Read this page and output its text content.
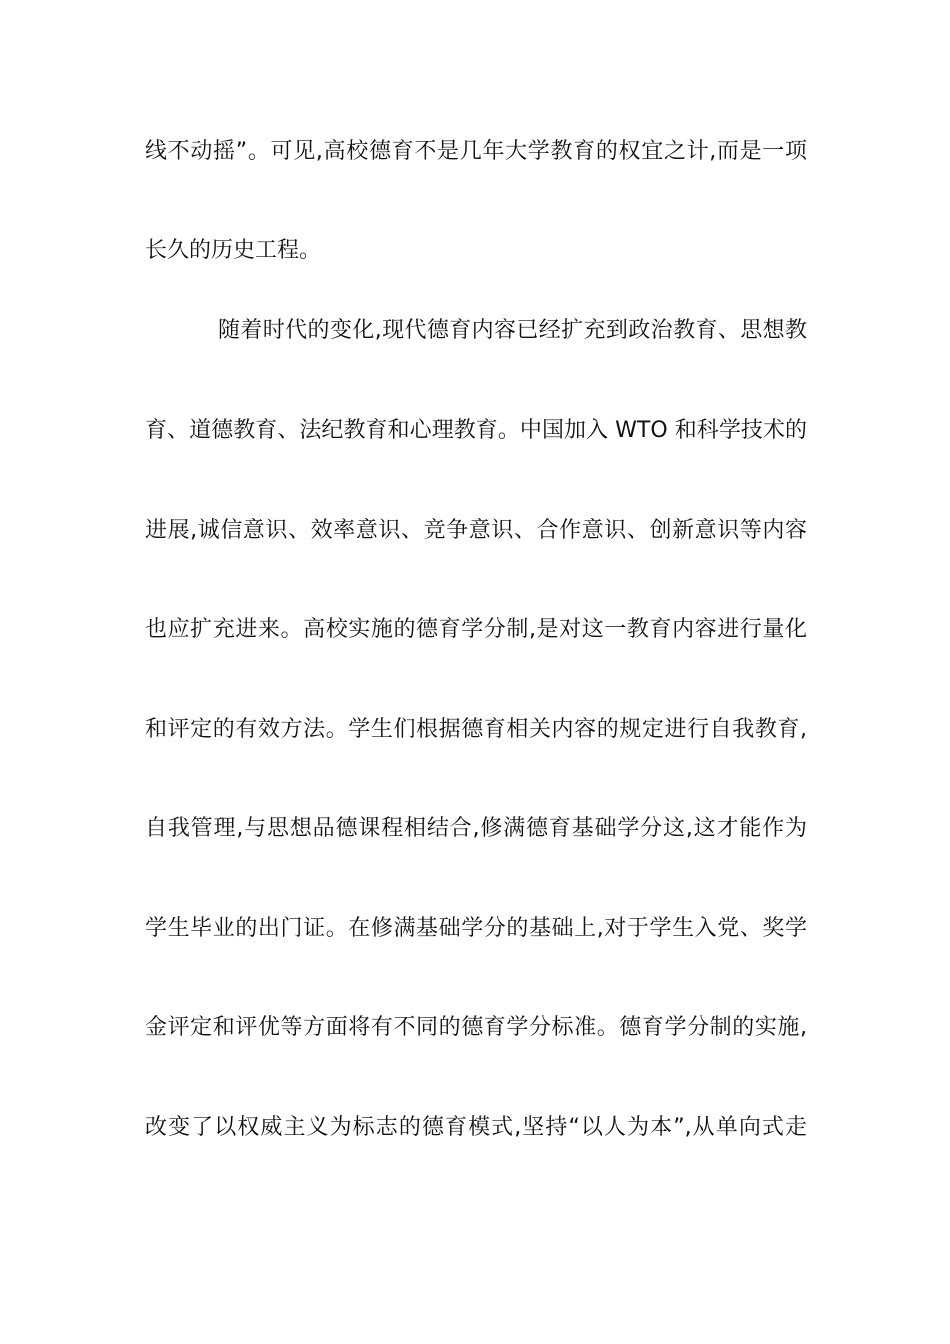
线不动摇”。可见,高校德育不是几年大学教育的权宜之计,而是一项
长久的历史工程。
随着时代的变化,现代德育内容已经扩充到政治教育、思想教
育、道德教育、法纪教育和心理教育。中国加入 WTO 和科学技术的
进展,诚信意识、效率意识、竞争意识、合作意识、创新意识等内容
也应扩充进来。高校实施的德育学分制,是对这一教育内容进行量化
和评定的有效方法。学生们根据德育相关内容的规定进行自我教育,
自我管理,与思想品德课程相结合,修满德育基础学分这,这才能作为
学生毕业的出门证。在修满基础学分的基础上,对于学生入党、奖学
金评定和评优等方面将有不同的德育学分标准。德育学分制的实施,
改变了以权威主义为标志的德育模式,坚持“以人为本”,从单向式走
